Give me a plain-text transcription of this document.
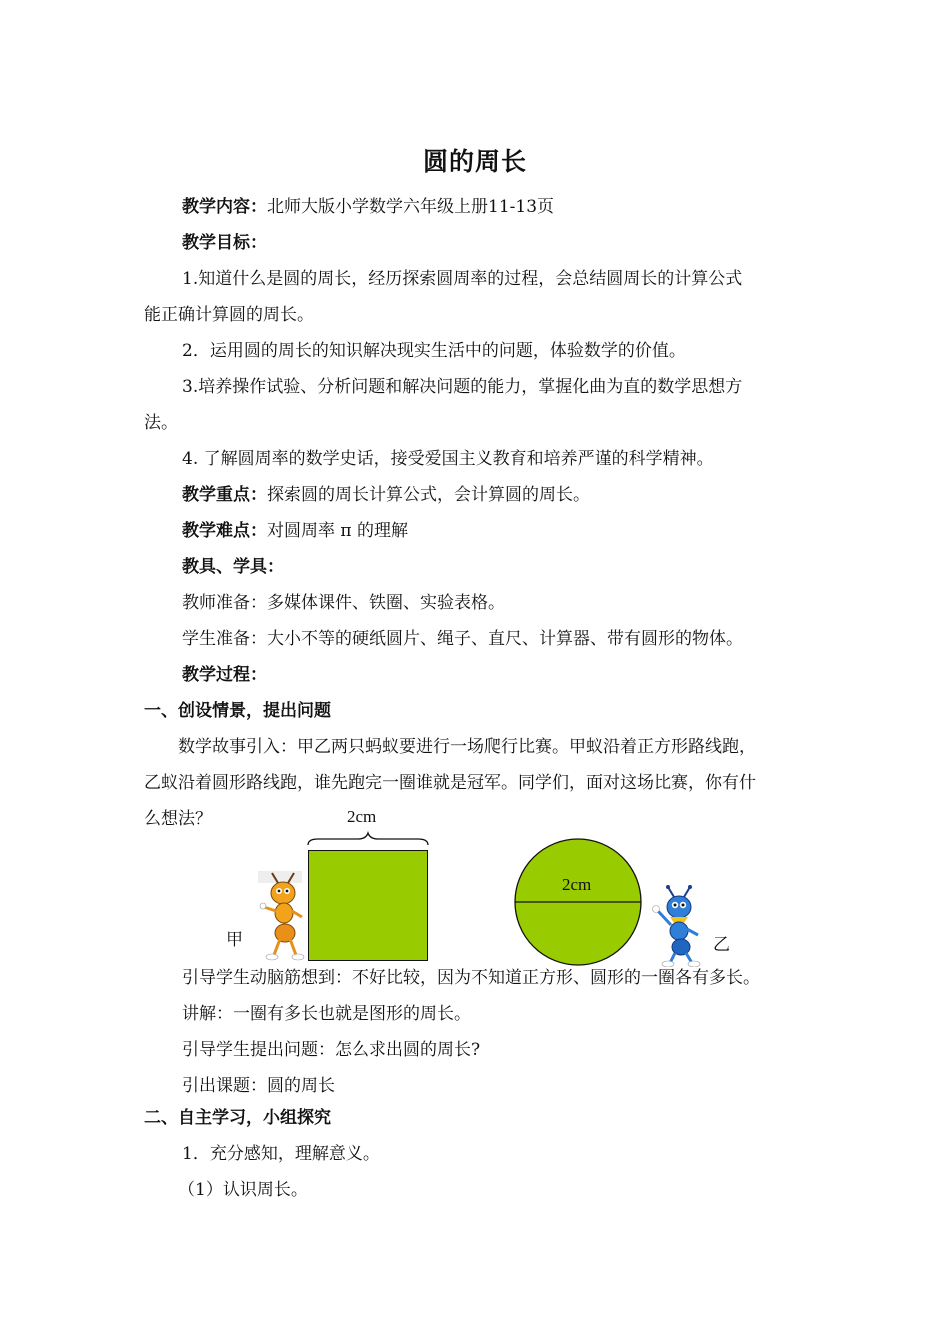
圆的周长
教学内容：北师大版小学数学六年级上册11-13页
教学目标：
1.知道什么是圆的周长，经历探索圆周率的过程，会总结圆周长的计算公式
能正确计算圆的周长。
2．运用圆的周长的知识解决现实生活中的问题，体验数学的价值。
3.培养操作试验、分析问题和解决问题的能力，掌握化曲为直的数学思想方
法。
4. 了解圆周率的数学史话，接受爱国主义教育和培养严谨的科学精神。
教学重点：探索圆的周长计算公式，会计算圆的周长。
教学难点：对圆周率 π 的理解
教具、学具：
教师准备：多媒体课件、铁圈、实验表格。
学生准备：大小不等的硬纸圆片、绳子、直尺、计算器、带有圆形的物体。
教学过程：
一、创设情景，提出问题
数学故事引入：甲乙两只蚂蚁要进行一场爬行比赛。甲蚁沿着正方形路线跑，
乙蚁沿着圆形路线跑，谁先跑完一圈谁就是冠军。同学们，面对这场比赛，你有什
么想法？	2cm
2cm
甲	乙
引导学生动脑筋想到：不好比较，因为不知道正方形、圆形的一圈各有多长。
讲解：一圈有多长也就是图形的周长。
引导学生提出问题：怎么求出圆的周长?
引出课题：圆的周长
二、自主学习，小组探究
1．充分感知，理解意义。
（1）认识周长。
